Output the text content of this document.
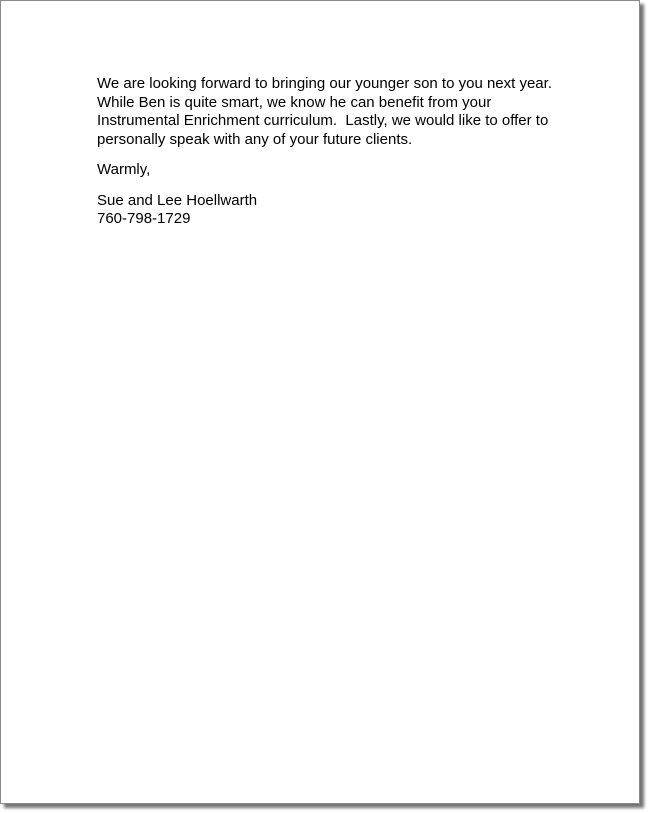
We are looking forward to bringing our younger son to you next year.
While Ben is quite smart, we know he can benefit from your
Instrumental Enrichment curriculum.  Lastly, we would like to offer to
personally speak with any of your future clients.
Warmly,
Sue and Lee Hoellwarth
760-798-1729
